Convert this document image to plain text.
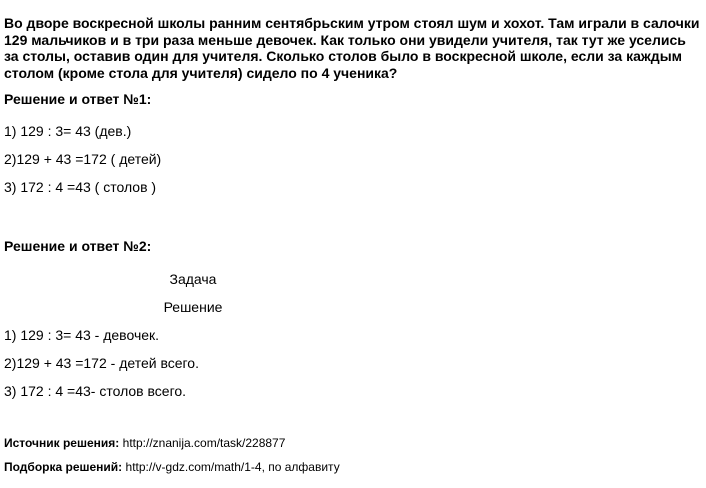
Во дворе воскресной школы ранним сентябрьским утром стоял шум и хохот. Там играли в салочки 129 мальчиков и в три раза меньше девочек. Как только они увидели учителя, так тут же уселись за столы, оставив один для учителя. Сколько столов было в воскресной школе, если за каждым столом (кроме стола для учителя) сидело по 4 ученика?

Решение и ответ №1:

1) 129 : 3= 43 (дев.)

2)129 + 43 =172 ( детей)

3) 172 : 4 =43 ( столов )

Решение и ответ №2:

Задача

Решение

1) 129 : 3= 43 - девочек.

2)129 + 43 =172 - детей всего.

3) 172 : 4 =43- столов всего.

Источник решения: http://znanija.com/task/228877

Подборка решений: http://v-gdz.com/math/1-4, по алфавиту
